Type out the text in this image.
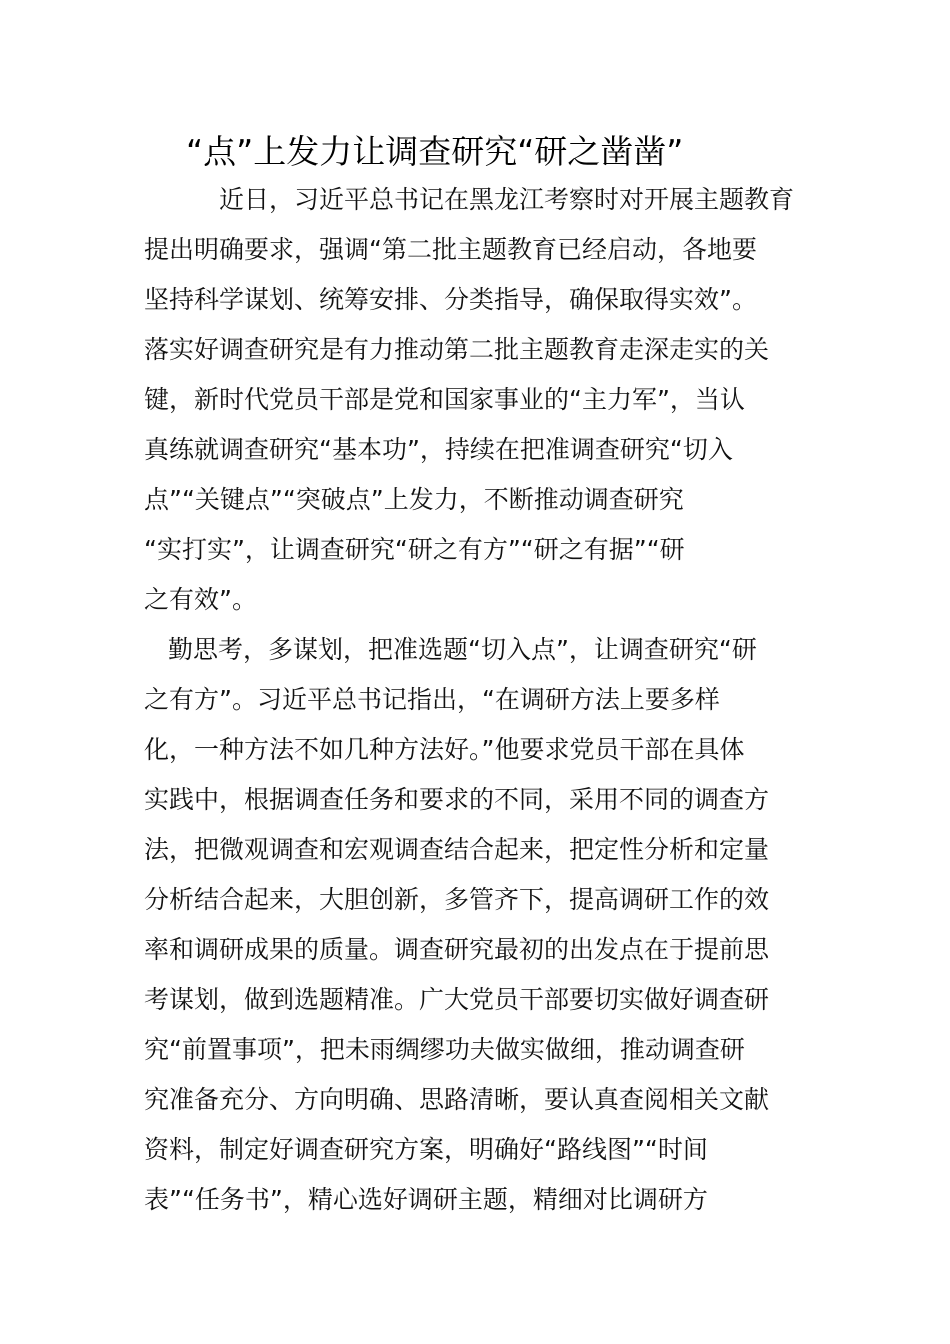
“点”上发力让调查研究“研之凿凿”

近日，习近平总书记在黑龙江考察时对开展主题教育

提出明确要求，强调“第二批主题教育已经启动，各地要

坚持科学谋划、统筹安排、分类指导，确保取得实效”。

落实好调查研究是有力推动第二批主题教育走深走实的关

键，新时代党员干部是党和国家事业的“主力军”，当认

真练就调查研究“基本功”，持续在把准调查研究“切入

点”“关键点”“突破点”上发力，不断推动调查研究

“实打实”，让调查研究“研之有方”“研之有据”“研

之有效”。

勤思考，多谋划，把准选题“切入点”，让调查研究“研

之有方”。习近平总书记指出，“在调研方法上要多样

化，一种方法不如几种方法好。”他要求党员干部在具体

实践中，根据调查任务和要求的不同，采用不同的调查方

法，把微观调查和宏观调查结合起来，把定性分析和定量

分析结合起来，大胆创新，多管齐下，提高调研工作的效

率和调研成果的质量。调查研究最初的出发点在于提前思

考谋划，做到选题精准。广大党员干部要切实做好调查研

究“前置事项”，把未雨绸缪功夫做实做细，推动调查研

究准备充分、方向明确、思路清晰，要认真查阅相关文献

资料，制定好调查研究方案，明确好“路线图”“时间

表”“任务书”，精心选好调研主题，精细对比调研方
